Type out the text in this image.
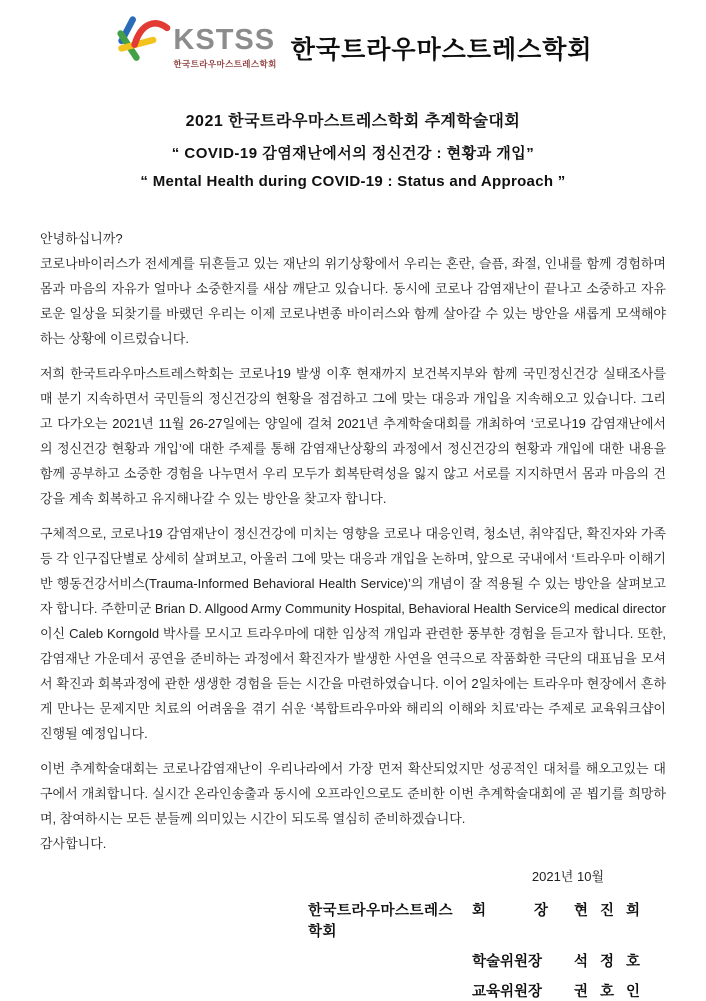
KSTSS
한국트라우마스트레스학회 한국트라우마스트레스학회
2021 한국트라우마스트레스학회 추계학술대회
“ COVID-19 감염재난에서의 정신건강 : 현황과 개입”
“ Mental Health during COVID-19 : Status and Approach ”

안녕하십니까?
코로나바이러스가 전세계를 뒤흔들고 있는 재난의 위기상황에서 우리는 혼란, 슬픔, 좌절, 인내를 함께 경험하며 몸과 마음의 자유가 얼마나 소중한지를 새삼 깨닫고 있습니다. 동시에 코로나 감염재난이 끝나고 소중하고 자유로운 일상을 되찾기를 바랬던 우리는 이제 코로나변종 바이러스와 함께 살아갈 수 있는 방안을 새롭게 모색해야하는 상황에 이르렀습니다.

저희 한국트라우마스트레스학회는 코로나19 발생 이후 현재까지 보건복지부와 함께 국민정신건강 실태조사를 매 분기 지속하면서 국민들의 정신건강의 현황을 점검하고 그에 맞는 대응과 개입을 지속해오고 있습니다. 그리고 다가오는 2021년 11월 26-27일에는 양일에 걸쳐 2021년 추계학술대회를 개최하여 ‘코로나19 감염재난에서의 정신건강 현황과 개입’에 대한 주제를 통해 감염재난상황의 과정에서 정신건강의 현황과 개입에 대한 내용을 함께 공부하고 소중한 경험을 나누면서 우리 모두가 회복탄력성을 잃지 않고 서로를 지지하면서 몸과 마음의 건강을 계속 회복하고 유지해나갈 수 있는 방안을 찾고자 합니다.

구체적으로, 코로나19 감염재난이 정신건강에 미치는 영향을 코로나 대응인력, 청소년, 취약집단, 확진자와 가족 등 각 인구집단별로 상세히 살펴보고, 아울러 그에 맞는 대응과 개입을 논하며, 앞으로 국내에서 ‘트라우마 이해기반 행동건강서비스(Trauma-Informed Behavioral Health Service)’의 개념이 잘 적용될 수 있는 방안을 살펴보고자 합니다. 주한미군 Brian D. Allgood Army Community Hospital, Behavioral Health Service의 medical director이신 Caleb Korngold 박사를 모시고 트라우마에 대한 임상적 개입과 관련한 풍부한 경험을 듣고자 합니다. 또한, 감염재난 가운데서 공연을 준비하는 과정에서 확진자가 발생한 사연을 연극으로 작품화한 극단의 대표님을 모셔서 확진과 회복과정에 관한 생생한 경험을 듣는 시간을 마련하였습니다. 이어 2일차에는 트라우마 현장에서 흔하게 만나는 문제지만 치료의 어려움을 겪기 쉬운 ‘복합트라우마와 해리의 이해와 치료’라는 주제로 교육워크샵이 진행될 예정입니다.

이번 추계학술대회는 코로나감염재난이 우리나라에서 가장 먼저 확산되었지만 성공적인 대처를 해오고있는 대구에서 개최합니다. 실시간 온라인송출과 동시에 오프라인으로도 준비한 이번 추계학술대회에 곧 뵙기를 희망하며, 참여하시는 모든 분들께 의미있는 시간이 되도록 열심히 준비하겠습니다.
감사합니다.

2021년 10월
한국트라우마스트레스학회
회 장 현 진 희
학술위원장	석 정 호
교육위원장	권 호 인
